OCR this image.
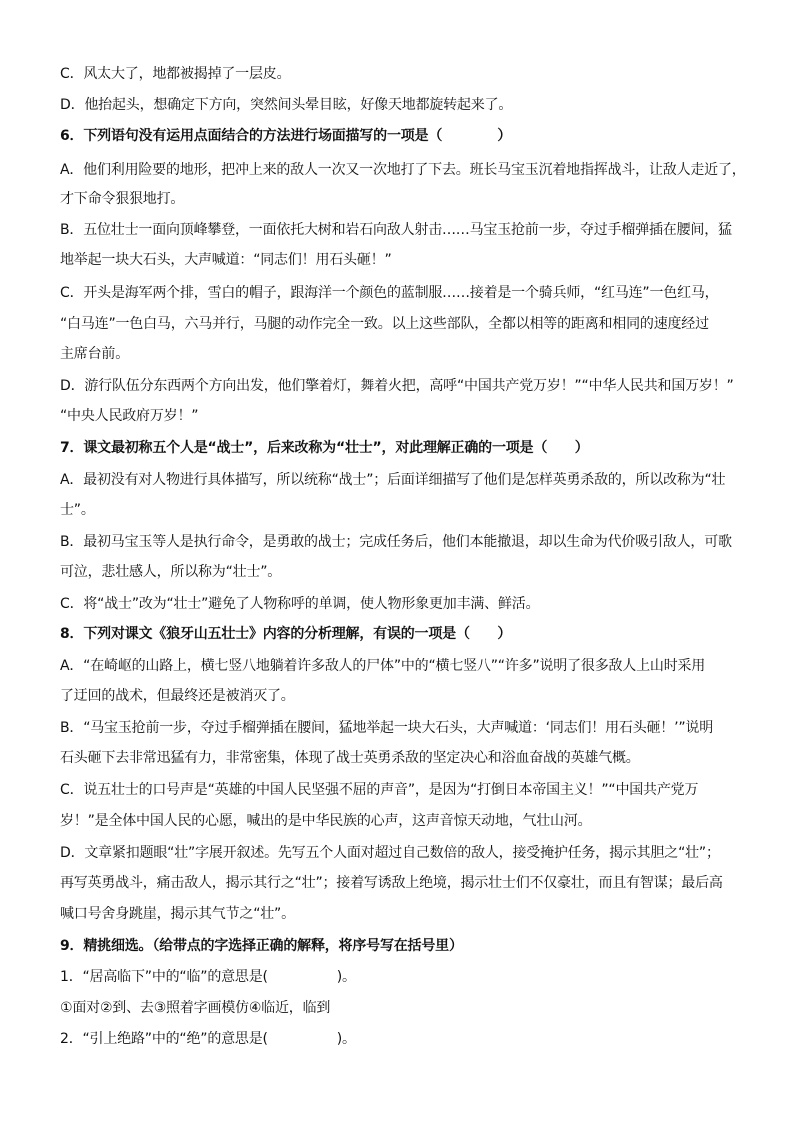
C．风太大了，地都被揭掉了一层皮。

D．他抬起头，想确定下方向，突然间头晕目眩，好像天地都旋转起来了。

6．下列语句没有运用点面结合的方法进行场面描写的一项是（　　　　）

A．他们利用险要的地形，把冲上来的敌人一次又一次地打了下去。班长马宝玉沉着地指挥战斗，让敌人走近了，

才下命令狠狠地打。

B．五位壮士一面向顶峰攀登，一面依托大树和岩石向敌人射击……马宝玉抢前一步，夺过手榴弹插在腰间，猛

地举起一块大石头，大声喊道：“同志们！用石头砸！”

C．开头是海军两个排，雪白的帽子，跟海洋一个颜色的蓝制服……接着是一个骑兵师，“红马连”一色红马，

“白马连”一色白马，六马并行，马腿的动作完全一致。以上这些部队，全都以相等的距离和相同的速度经过

主席台前。

D．游行队伍分东西两个方向出发，他们擎着灯，舞着火把，高呼“中国共产党万岁！”“中华人民共和国万岁！”

“中央人民政府万岁！”

7．课文最初称五个人是“战士”，后来改称为“壮士”，对此理解正确的一项是（　　）

A．最初没有对人物进行具体描写，所以统称“战士”；后面详细描写了他们是怎样英勇杀敌的，所以改称为“壮

士”。

B．最初马宝玉等人是执行命令，是勇敢的战士；完成任务后，他们本能撤退，却以生命为代价吸引敌人，可歌

可泣，悲壮感人，所以称为“壮士”。

C．将“战士”改为“壮士”避免了人物称呼的单调，使人物形象更加丰满、鲜活。

8．下列对课文《狼牙山五壮士》内容的分析理解，有误的一项是（　　）

A．“在崎岖的山路上，横七竖八地躺着许多敌人的尸体”中的“横七竖八”“许多”说明了很多敌人上山时采用

了迂回的战术，但最终还是被消灭了。

B．“马宝玉抢前一步，夺过手榴弹插在腰间，猛地举起一块大石头，大声喊道：‘同志们！用石头砸！’”说明

石头砸下去非常迅猛有力，非常密集，体现了战士英勇杀敌的坚定决心和浴血奋战的英雄气概。

C．说五壮士的口号声是“英雄的中国人民坚强不屈的声音”，是因为“打倒日本帝国主义！”“中国共产党万

岁！”是全体中国人民的心愿，喊出的是中华民族的心声，这声音惊天动地，气壮山河。

D．文章紧扣题眼“壮”字展开叙述。先写五个人面对超过自己数倍的敌人，接受掩护任务，揭示其胆之“壮”；

再写英勇战斗，痛击敌人，揭示其行之“壮”；接着写诱敌上绝境，揭示壮士们不仅豪壮，而且有智谋；最后高

喊口号舍身跳崖，揭示其气节之“壮”。

9．精挑细选。（给带点的字选择正确的解释，将序号写在括号里）

1．“居高临下”中的“临”的意思是(　　　　　)。

①面对②到、去③照着字画模仿④临近，临到

2．“引上绝路”中的“绝”的意思是(　　　　　)。
